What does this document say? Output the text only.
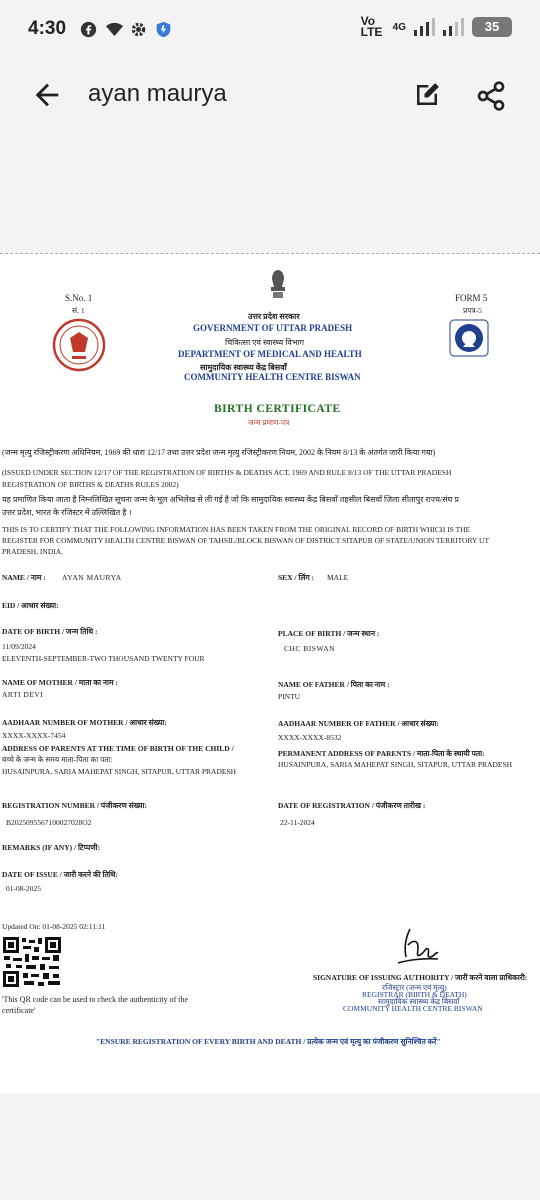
4:30	Vo LTE 4G	35
ayan maurya
S.No. 1
सं. 1
उत्तर प्रदेश सरकार
GOVERNMENT OF UTTAR PRADESH
चिकित्सा एवं स्वास्थ्य विभाग
DEPARTMENT OF MEDICAL AND HEALTH
सामुदायिक स्वास्थ्य केंद्र बिसवाँ
COMMUNITY HEALTH CENTRE BISWAN
FORM 5
प्रपत्र-5
BIRTH CERTIFICATE
जन्म प्रमाण-पत्र
(जन्म मृत्यु रजिस्ट्रीकरण अधिनियम, 1969 की धारा 12/17 तथा उत्तर प्रदेश जन्म मृत्यु रजिस्ट्रीकरण नियम, 2002 के नियम 8/13 के अंतर्गत जारी किया गया)
(ISSUED UNDER SECTION 12/17 OF THE REGISTRATION OF BIRTHS & DEATHS ACT, 1969 AND RULE 8/13 OF THE UTTAR PRADESH
REGISTRATION OF BIRTHS & DEATHS RULES 2002)
यह प्रमाणित किया जाता है निम्नलिखित सूचना जन्म के मूल अभिलेख से ली गई है जो कि सामुदायिक स्वास्थ्य केंद्र बिसवाँ तहसील बिसवाँ जिला सीतापुर राज्य/संघ प्र
उत्तर प्रदेश, भारत के रजिस्टर में उल्लिखित है ।
THIS IS TO CERTIFY THAT THE FOLLOWING INFORMATION HAS BEEN TAKEN FROM THE ORIGINAL RECORD OF BIRTH WHICH IS THE
REGISTER FOR COMMUNITY HEALTH CENTRE BISWAN OF TAHSIL/BLOCK BISWAN OF DISTRICT SITAPUR OF STATE/UNION TERRITORY UT
PRADESH, INDIA.
NAME / नाम : AYAN MAURYA	SEX / लिंग : MALE
EID / आधार संख्या:
DATE OF BIRTH / जन्म तिथि :
11/09/2024
ELEVENTH-SEPTEMBER-TWO THOUSAND TWENTY FOUR
PLACE OF BIRTH / जन्म स्थान :
CHC BISWAN
NAME OF MOTHER / माता का नाम :
ARTI DEVI
NAME OF FATHER / पिता का नाम :
PINTU
AADHAAR NUMBER OF MOTHER / आधार संख्या:
XXXX-XXXX-7454
AADHAAR NUMBER OF FATHER / आधार संख्या:
XXXX-XXXX-8532
ADDRESS OF PARENTS AT THE TIME OF BIRTH OF THE CHILD /
बच्चे के जन्म के समय माता-पिता का पता:
HUSAINPURA, SARIA MAHEPAT SINGH, SITAPUR, UTTAR PRADESH
PERMANENT ADDRESS OF PARENTS / माता-पिता के स्थायी पता:
HUSAINPURA, SARIA MAHEPAT SINGH, SITAPUR, UTTAR PRADESH
REGISTRATION NUMBER / पंजीकरण संख्या:
B2025095567100027028O2
DATE OF REGISTRATION / पंजीकरण तारीख :
22-11-2024
REMARKS (IF ANY) / टिप्पणी:
DATE OF ISSUE / जारी करने की तिथि:
01-08-2025
Updated On: 01-08-2025 02:11:11
'This QR code can be used to check the authenticity of the
certificate'
SIGNATURE OF ISSUING AUTHORITY / जारी करने वाला प्राधिकारी:
रजिस्ट्रार (जन्म एवं मृत्यु)
REGISTRAR (BIRTH & DEATH)
सामुदायिक स्वास्थ्य केंद्र बिसवाँ
COMMUNITY HEALTH CENTRE BISWAN
"ENSURE REGISTRATION OF EVERY BIRTH AND DEATH / प्रत्येक जन्म एवं मृत्यु का पंजीकरण सुनिश्चित करें"
